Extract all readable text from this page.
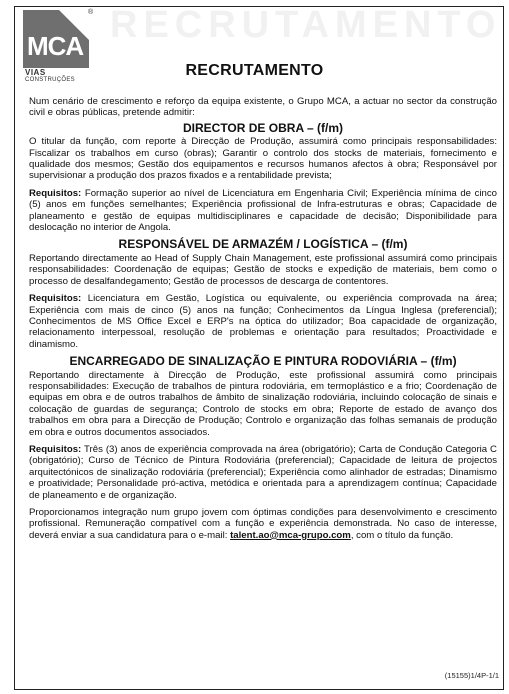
RECRUTAMENTO
MCA
®
VIAS
CONSTRUÇÕES
RECRUTAMENTO

Num cenário de crescimento e reforço da equipa existente, o Grupo MCA, a actuar no sector da construção civil e obras públicas, pretende admitir:

DIRECTOR DE OBRA – (f/m)

O titular da função, com reporte à Direcção de Produção, assumirá como principais responsabilidades: Fiscalizar os trabalhos em curso (obras); Garantir o controlo dos stocks de materiais, fornecimento e qualidade dos mesmos; Gestão dos equipamentos e recursos humanos afectos à obra; Responsável por supervisionar a produção dos prazos fixados e a rentabilidade prevista;

Requisitos: Formação superior ao nível de Licenciatura em Engenharia Civil; Experiência mínima de cinco (5) anos em funções semelhantes; Experiência profissional de Infra-estruturas e obras; Capacidade de planeamento e gestão de equipas multidisciplinares e capacidade de decisão; Disponibilidade para deslocação no interior de Angola.

RESPONSÁVEL DE ARMAZÉM / LOGÍSTICA – (f/m)

Reportando directamente ao Head of Supply Chain Management, este profissional assumirá como principais responsabilidades: Coordenação de equipas; Gestão de stocks e expedição de materiais, bem como o processo de desalfandegamento; Gestão de processos de descarga de contentores.

Requisitos: Licenciatura em Gestão, Logística ou equivalente, ou experiência comprovada na área; Experiência com mais de cinco (5) anos na função; Conhecimentos da Língua Inglesa (preferencial); Conhecimentos de MS Office Excel e ERP's na óptica do utilizador; Boa capacidade de organização, relacionamento interpessoal, resolução de problemas e orientação para resultados; Proactividade e dinamismo.

ENCARREGADO DE SINALIZAÇÃO E PINTURA RODOVIÁRIA – (f/m)

Reportando directamente à Direcção de Produção, este profissional assumirá como principais responsabilidades: Execução de trabalhos de pintura rodoviária, em termoplástico e a frio; Coordenação de equipas em obra e de outros trabalhos de âmbito de sinalização rodoviária, incluindo colocação de sinais e colocação de guardas de segurança; Controlo de stocks em obra; Reporte de estado de avanço dos trabalhos em obra para a Direcção de Produção; Controlo e organização das folhas semanais de produção em obra e outros documentos associados.

Requisitos: Três (3) anos de experiência comprovada na área (obrigatório); Carta de Condução Categoria C (obrigatório); Curso de Técnico de Pintura Rodoviária (preferencial); Capacidade de leitura de projectos arquitectónicos de sinalização rodoviária (preferencial); Experiência como alinhador de estradas; Dinamismo e proatividade; Personalidade pró-activa, metódica e orientada para a aprendizagem contínua; Capacidade de planeamento e de organização.

Proporcionamos integração num grupo jovem com óptimas condições para desenvolvimento e crescimento profissional. Remuneração compatível com a função e experiência demonstrada. No caso de interesse, deverá enviar a sua candidatura para o e-mail: talent.ao@mca-grupo.com, com o título da função.

(15155)1/4P-1/1
